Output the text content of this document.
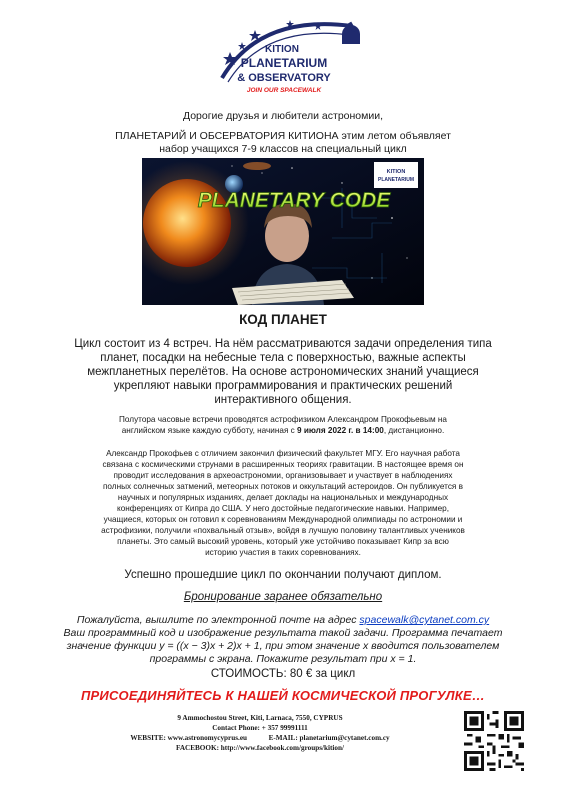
KITION
PLANETARIUM
& OBSERVATORY
JOIN OUR SPACEWALK
Дорогие друзья и любители астрономии,
ПЛАНЕТАРИЙ И ОБСЕРВАТОРИЯ КИТИОНА этим летом объявляет
набор учащихся 7-9 классов на специальный цикл
PLANETARY CODE
KITION
PLANETARIUM
КОД ПЛАНЕТ
Цикл состоит из 4 встреч. На нём рассматриваются задачи определения типа
планет, посадки на небесные тела с поверхностью, важные аспекты
межпланетных перелётов. На основе астрономических знаний учащиеся
укрепляют навыки программирования и практических решений
интерактивного общения.
Полутора часовые встречи проводятся астрофизиком Александром Прокофьевым на
английском языке каждую субботу, начиная с 9 июля 2022 г. в 14:00, дистанционно.
Александр Прокофьев с отличием закончил физический факультет МГУ. Его научная работа
связана с космическими струнами в расширенных теориях гравитации. В настоящее время он
проводит исследования в археоастрономии, организовывает и участвует в наблюдениях
полных солнечных затмений, метеорных потоков и оккультаций астероидов. Он публикуется в
научных и популярных изданиях, делает доклады на национальных и международных
конференциях от Кипра до США. У него достойные педагогические навыки. Например,
учащиеся, которых он готовил к соревнованиям Международной олимпиады по астрономии и
астрофизики, получили «похвальный отзыв», войдя в лучшую половину талантливых учеников
планеты. Это самый высокий уровень, который уже устойчиво показывает Кипр за всю
историю участия в таких соревнованиях.
Успешно прошедшие цикл по окончании получают диплом.
Бронирование заранее обязательно
Пожалуйста, вышлите по электронной почте на адрес spacewalk@cytanet.com.cy
Ваш программный код и изображение результата такой задачи. Программа печатает
значение функции y = ((x − 3)x + 2)x + 1, при этом значение x вводится пользователем
программы с экрана. Покажите результат при x = 1.
СТОИМОСТЬ: 80 € за цикл
ПРИСОЕДИНЯЙТЕСЬ К НАШЕЙ КОСМИЧЕСКОЙ ПРОГУЛКЕ…
9 Ammochostou Street, Kiti, Larnaca, 7550, CYPRUS
Contact Phone: + 357 99991111
WEBSITE: www.astronomycyprus.eu	E-MAIL: planetarium@cytanet.com.cy
FACEBOOK: http://www.facebook.com/groups/kition/
